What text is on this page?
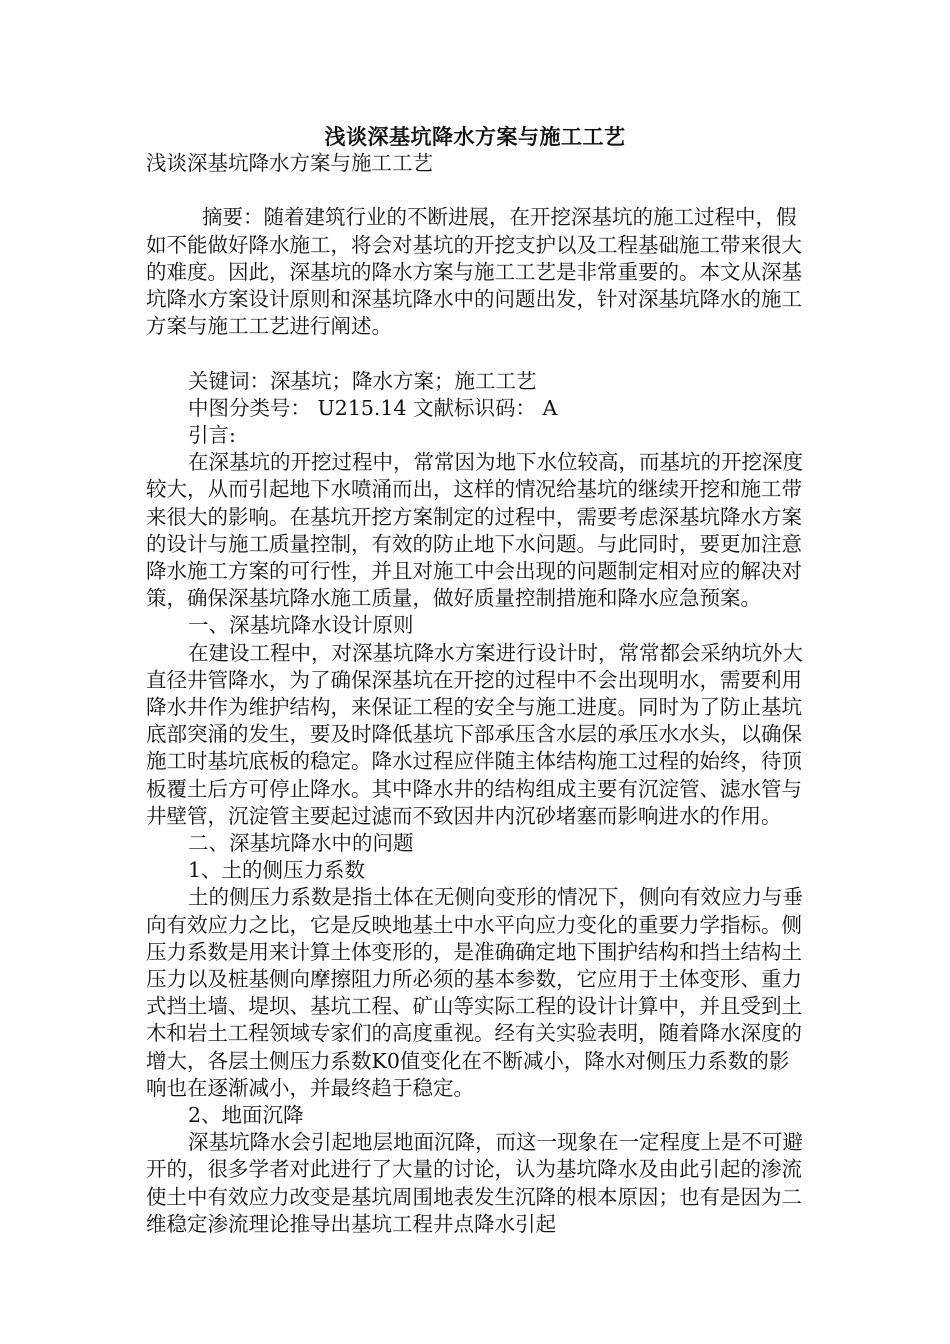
浅谈深基坑降水方案与施工工艺

浅谈深基坑降水方案与施工工艺

摘要：随着建筑行业的不断进展，在开挖深基坑的施工过程中，假如不能做好降水施工，将会对基坑的开挖支护以及工程基础施工带来很大的难度。因此，深基坑的降水方案与施工工艺是非常重要的。本文从深基坑降水方案设计原则和深基坑降水中的问题出发，针对深基坑降水的施工方案与施工工艺进行阐述。

关键词：深基坑；降水方案；施工工艺

中图分类号： U215.14 文献标识码： A

引言:

在深基坑的开挖过程中，常常因为地下水位较高，而基坑的开挖深度较大，从而引起地下水喷涌而出，这样的情况给基坑的继续开挖和施工带来很大的影响。在基坑开挖方案制定的过程中，需要考虑深基坑降水方案的设计与施工质量控制，有效的防止地下水问题。与此同时，要更加注意降水施工方案的可行性，并且对施工中会出现的问题制定相对应的解决对策，确保深基坑降水施工质量，做好质量控制措施和降水应急预案。

一、深基坑降水设计原则

在建设工程中，对深基坑降水方案进行设计时，常常都会采纳坑外大直径井管降水，为了确保深基坑在开挖的过程中不会出现明水，需要利用降水井作为维护结构，来保证工程的安全与施工进度。同时为了防止基坑底部突涌的发生，要及时降低基坑下部承压含水层的承压水水头，以确保施工时基坑底板的稳定。降水过程应伴随主体结构施工过程的始终，待顶板覆土后方可停止降水。其中降水井的结构组成主要有沉淀管、滤水管与井壁管，沉淀管主要起过滤而不致因井内沉砂堵塞而影响进水的作用。

二、深基坑降水中的问题

1、土的侧压力系数

土的侧压力系数是指土体在无侧向变形的情况下，侧向有效应力与垂向有效应力之比，它是反映地基土中水平向应力变化的重要力学指标。侧压力系数是用来计算土体变形的，是准确确定地下围护结构和挡土结构土压力以及桩基侧向摩擦阻力所必须的基本参数，它应用于土体变形、重力式挡土墙、堤坝、基坑工程、矿山等实际工程的设计计算中，并且受到土木和岩土工程领域专家们的高度重视。经有关实验表明，随着降水深度的增大，各层土侧压力系数K0值变化在不断减小，降水对侧压力系数的影响也在逐渐减小，并最终趋于稳定。

2、地面沉降

深基坑降水会引起地层地面沉降，而这一现象在一定程度上是不可避开的，很多学者对此进行了大量的讨论，认为基坑降水及由此引起的渗流使土中有效应力改变是基坑周围地表发生沉降的根本原因；也有是因为二维稳定渗流理论推导出基坑工程井点降水引起
